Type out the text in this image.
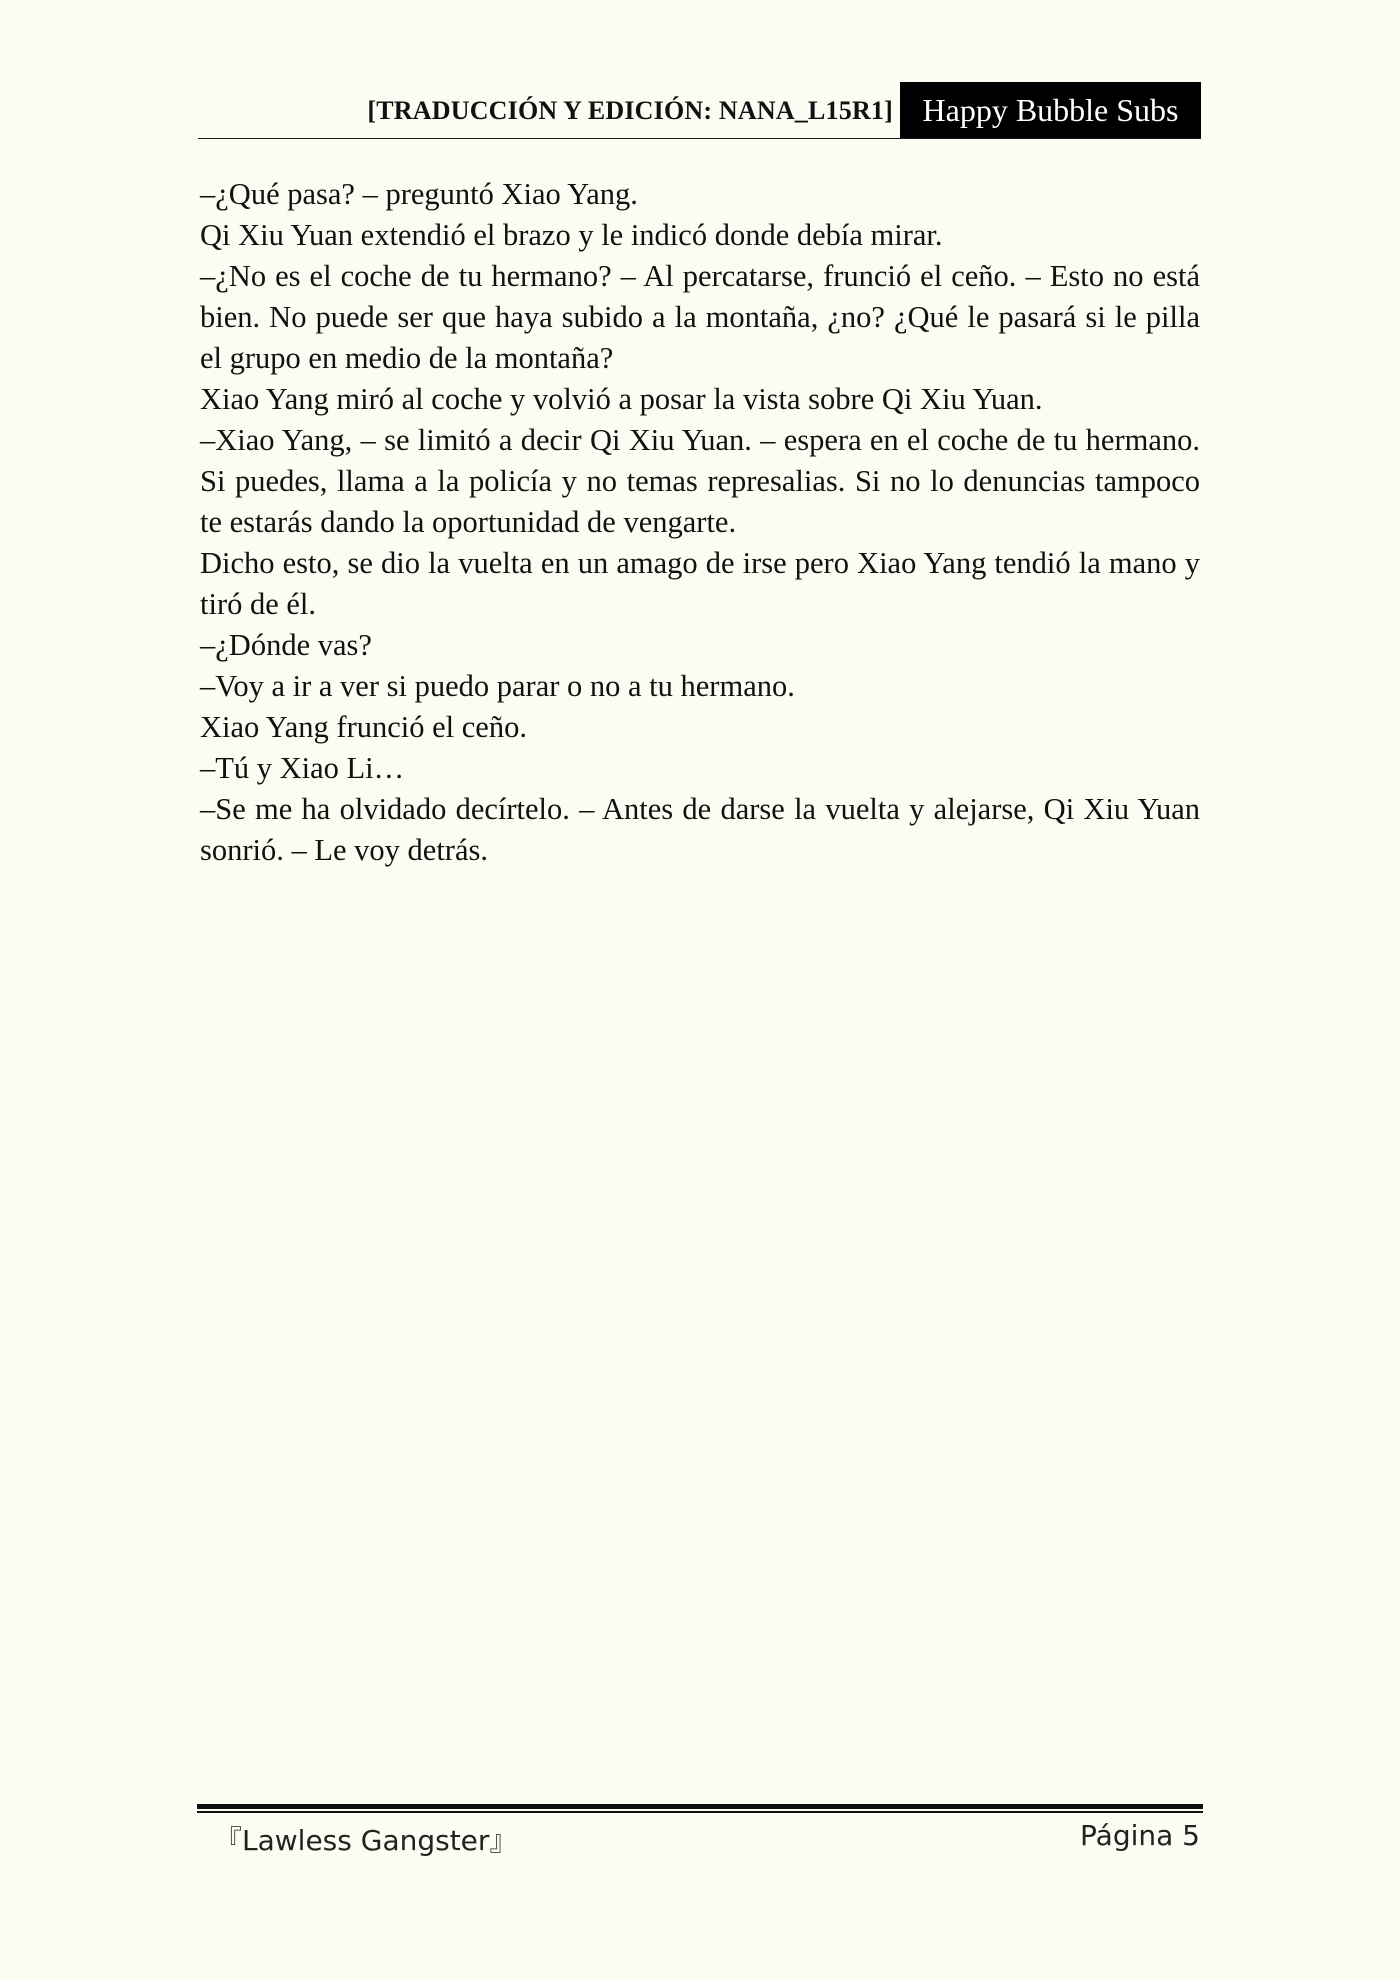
[TRADUCCIÓN Y EDICIÓN: NANA_L15R1] Happy Bubble Subs

–¿Qué pasa? – preguntó Xiao Yang.

Qi Xiu Yuan extendió el brazo y le indicó donde debía mirar.

–¿No es el coche de tu hermano? – Al percatarse, frunció el ceño. – Esto no está bien. No puede ser que haya subido a la montaña, ¿no? ¿Qué le pasará si le pilla el grupo en medio de la montaña?

Xiao Yang miró al coche y volvió a posar la vista sobre Qi Xiu Yuan.

–Xiao Yang, – se limitó a decir Qi Xiu Yuan. – espera en el coche de tu hermano. Si puedes, llama a la policía y no temas represalias. Si no lo denuncias tampoco te estarás dando la oportunidad de vengarte.

Dicho esto, se dio la vuelta en un amago de irse pero Xiao Yang tendió la mano y tiró de él.

–¿Dónde vas?

–Voy a ir a ver si puedo parar o no a tu hermano.

Xiao Yang frunció el ceño.

–Tú y Xiao Li…

–Se me ha olvidado decírtelo. – Antes de darse la vuelta y alejarse, Qi Xiu Yuan sonrió. – Le voy detrás.

『Lawless Gangster』	Página 5
